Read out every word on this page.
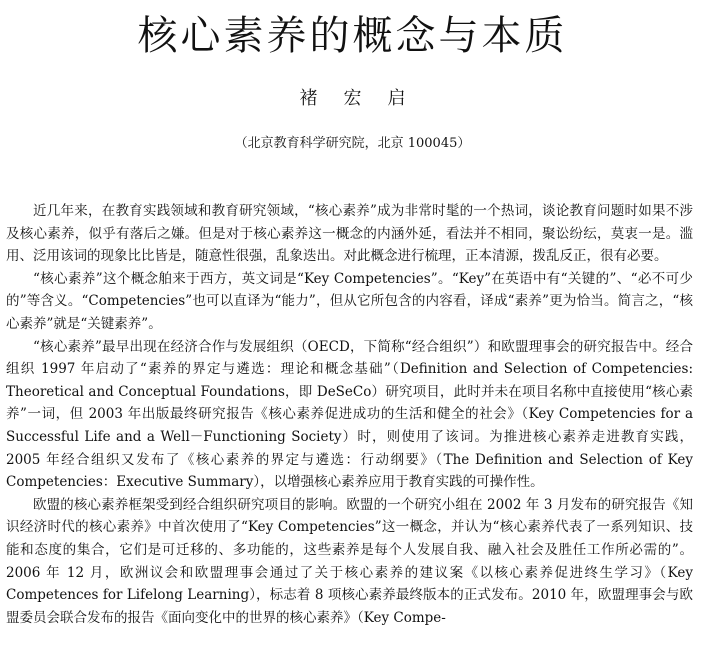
核心素养的概念与本质
褚宏启
（北京教育科学研究院，北京 100045）

近几年来，在教育实践领域和教育研究领域，“核心素养”成为非常时髦的一个热词，谈论教育问题时如果不涉及核心素养，似乎有落后之嫌。但是对于核心素养这一概念的内涵外延，看法并不相同，聚讼纷纭，莫衷一是。滥用、泛用该词的现象比比皆是，随意性很强，乱象迭出。对此概念进行梳理，正本清源，拨乱反正，很有必要。

“核心素养”这个概念舶来于西方，英文词是“Key Competencies”。“Key”在英语中有“关键的”、“必不可少的”等含义。“Competencies”也可以直译为“能力”，但从它所包含的内容看，译成“素养”更为恰当。简言之，“核心素养”就是“关键素养”。

“核心素养”最早出现在经济合作与发展组织（OECD，下简称“经合组织”）和欧盟理事会的研究报告中。经合组织 1997 年启动了“素养的界定与遴选：理论和概念基础”（Definition and Selection of Competencies: Theoretical and Conceptual Foundations，即 DeSeCo）研究项目，此时并未在项目名称中直接使用“核心素养”一词，但 2003 年出版最终研究报告《核心素养促进成功的生活和健全的社会》（Key Competencies for a Successful Life and a Well－Functioning Society）时，则使用了该词。为推进核心素养走进教育实践，2005 年经合组织又发布了《核心素养的界定与遴选：行动纲要》（The Definition and Selection of Key Competencies：Executive Summary），以增强核心素养应用于教育实践的可操作性。

欧盟的核心素养框架受到经合组织研究项目的影响。欧盟的一个研究小组在 2002 年 3 月发布的研究报告《知识经济时代的核心素养》中首次使用了“Key Competencies”这一概念，并认为“核心素养代表了一系列知识、技能和态度的集合，它们是可迁移的、多功能的，这些素养是每个人发展自我、融入社会及胜任工作所必需的”。2006 年 12 月，欧洲议会和欧盟理事会通过了关于核心素养的建议案《以核心素养促进终生学习》（Key Competences for Lifelong Learning），标志着 8 项核心素养最终版本的正式发布。2010 年，欧盟理事会与欧盟委员会联合发布的报告《面向变化中的世界的核心素养》（Key Compe-
